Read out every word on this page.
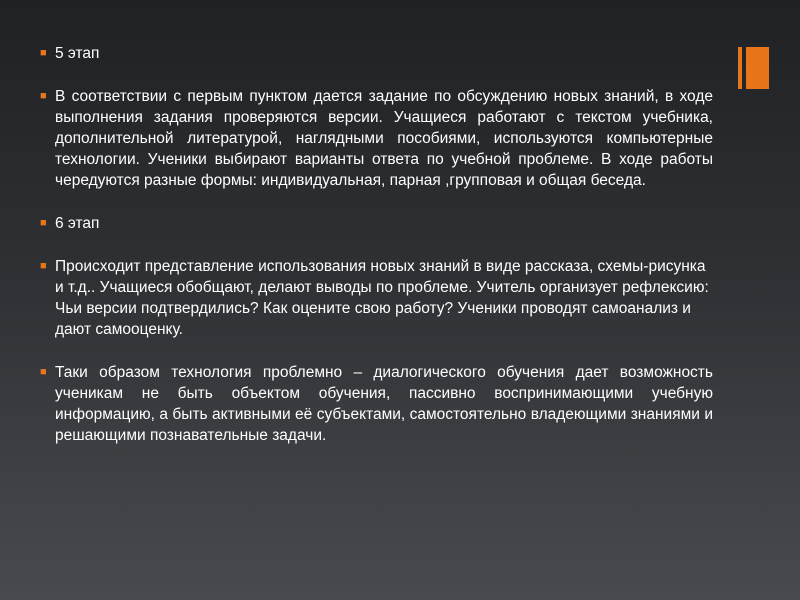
■ 5 этап
■ В соответствии с первым пунктом дается задание по обсуждению новых знаний, в ходе выполнения задания проверяются версии. Учащиеся работают с текстом учебника, дополнительной литературой, наглядными пособиями, используются компьютерные технологии. Ученики выбирают варианты ответа по учебной проблеме. В ходе работы чередуются разные формы: индивидуальная, парная ,групповая и общая беседа.
■ 6 этап
■ Происходит представление использования новых знаний в виде рассказа, схемы-рисунка и т.д.. Учащиеся обобщают, делают выводы по проблеме. Учитель организует рефлексию: Чьи версии подтвердились? Как оцените свою работу? Ученики проводят самоанализ и дают самооценку.
■ Таки образом технология проблемно – диалогического обучения дает возможность ученикам не быть объектом обучения, пассивно воспринимающими учебную информацию, а быть активными её субъектами, самостоятельно владеющими знаниями и решающими познавательные задачи.
